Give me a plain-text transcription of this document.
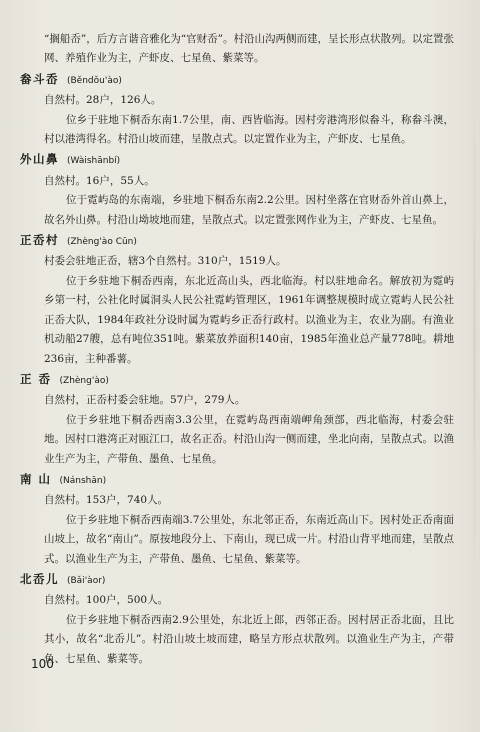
“搁船岙”，后方言谐音雅化为“官财岙”。村沿山沟两侧而建，呈长形点状散列。以定置张网、养殖作业为主，产虾皮、七星鱼、紫菜等。

畚斗岙 (Běndǒu'ào)

自然村。28户，126人。

位乡于驻地下桐岙东南1.7公里，南、西皆临海。因村旁港湾形似畚斗，称畚斗澳，村以港湾得名。村沿山坡而建，呈散点式。以定置作业为主，产虾皮、七星鱼。

外山鼻 (Wàishānbí)

自然村。16户，55人。

位于霓屿岛的东南端，乡驻地下桐岙东南2.2公里。因村坐落在官财岙外首山鼻上，故名外山鼻。村沿山坳坡地而建，呈散点式。以定置张网作业为主，产虾皮、七星鱼。

正岙村 (Zhèng'ào Cūn)

村委会驻地正岙，辖3个自然村。310户，1519人。

位于乡驻地下桐岙西南，东北近高山头，西北临海。村以驻地命名。解放初为霓屿乡第一村，公社化时属洞头人民公社霓屿管理区，1961年调整规模时成立霓屿人民公社正岙大队，1984年政社分设时属为霓屿乡正岙行政村。以渔业为主，农业为副。有渔业机动船27艘，总有吨位351吨。紫菜放养面积140亩，1985年渔业总产量778吨。耕地236亩，主种番薯。

正 岙 (Zhèng'ào)

自然村，正岙村委会驻地。57户，279人。

位于乡驻地下桐岙西南3.3公里，在霓屿岛西南端岬角颈部，西北临海，村委会驻地。因村口港湾正对瓯江口，故名正岙。村沿山沟一侧而建，坐北向南，呈散点式。以渔业生产为主，产带鱼、墨鱼、七星鱼。

南 山 (Nánshān)

自然村。153户，740人。

位于乡驻地下桐岙西南端3.7公里处，东北邻正岙，东南近高山下。因村处正岙南面山坡上，故名“南山”。原按地段分上、下南山，现已成一片。村沿山背平地而建，呈散点式。以渔业生产为主，产带鱼、墨鱼、七星鱼、紫菜等。

北岙儿 (Bǎi'àor)

自然村。100户，500人。

位于乡驻地下桐岙西南2.9公里处，东北近上郎，西邻正岙。因村居正岙北面，且比其小，故名“北岙儿”。村沿山坡土坡而建，略呈方形点状散列。以渔业生产为主，产带鱼、七星鱼、紫菜等。

100
